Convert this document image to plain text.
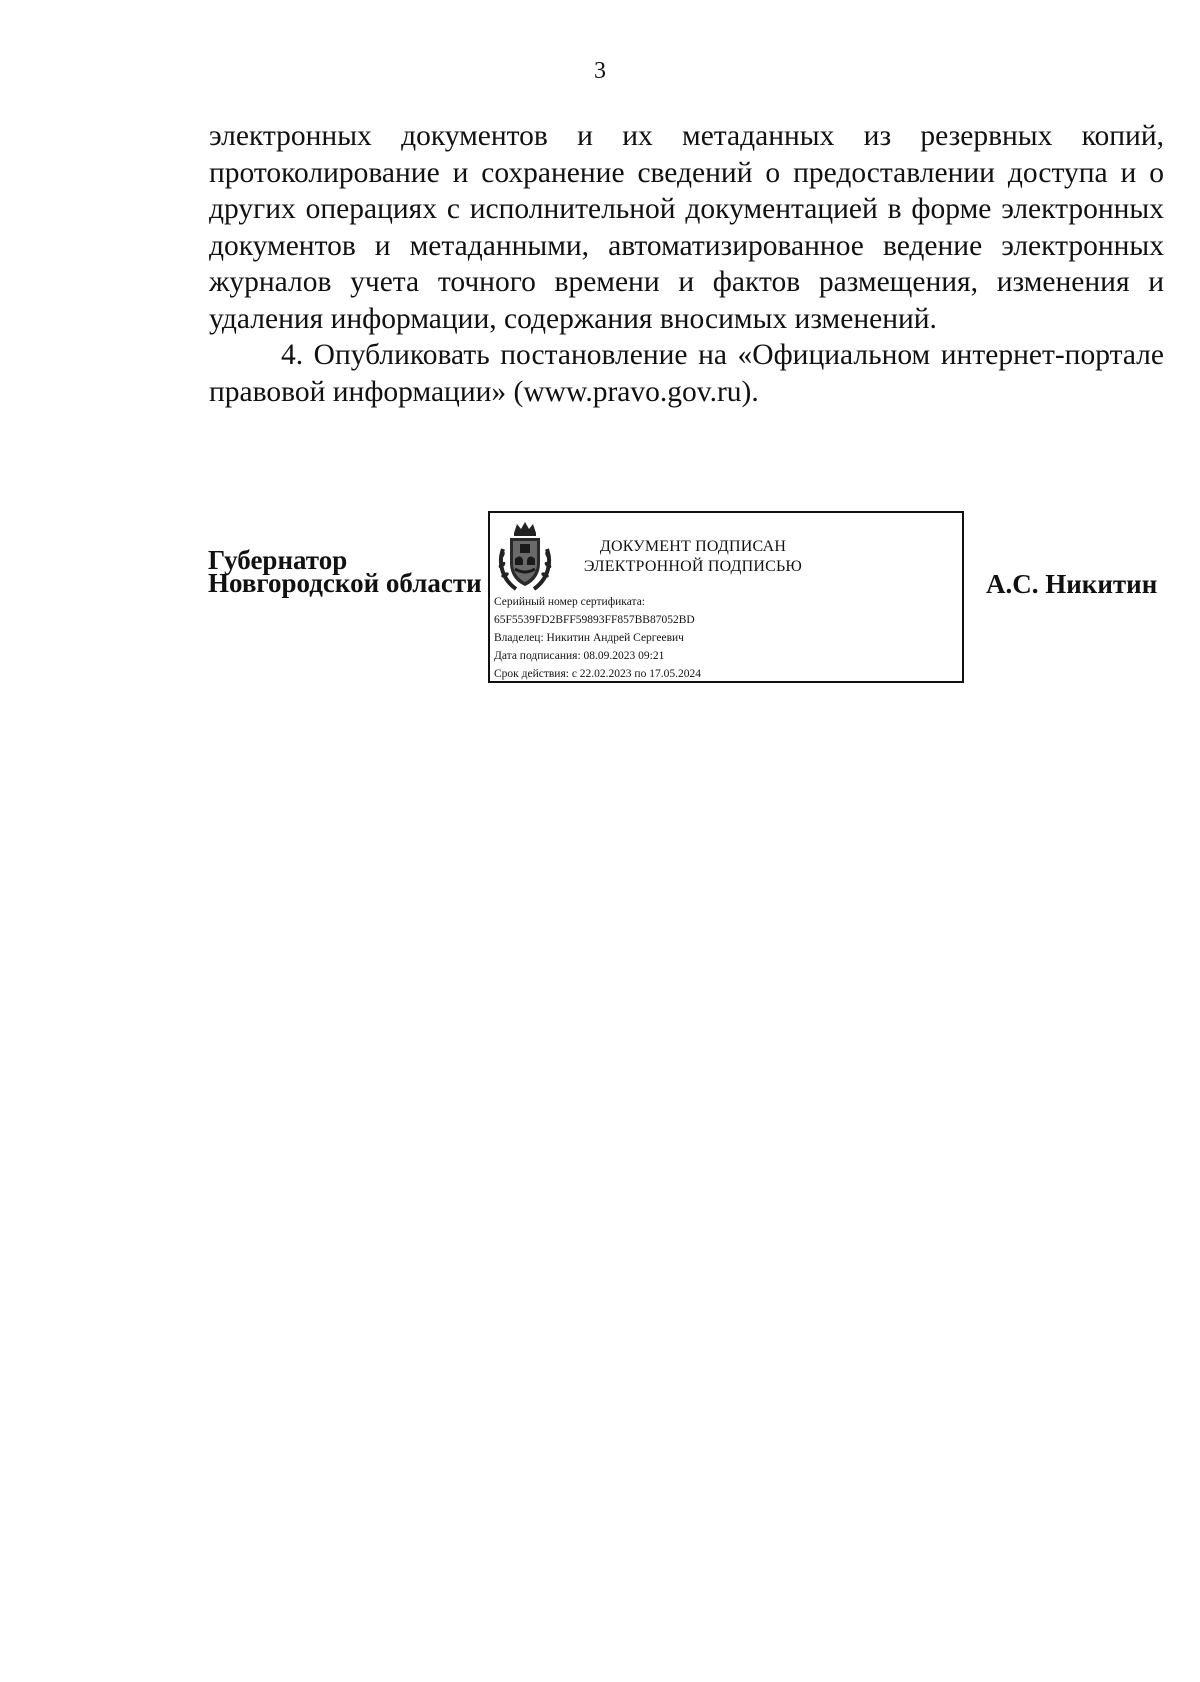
3

электронных документов и их метаданных из резервных копий, протоколирование и сохранение сведений о предоставлении доступа и о других операциях с исполнительной документацией в форме электронных документов и метаданными, автоматизированное ведение электронных журналов учета точного времени и фактов размещения, изменения и удаления информации, содержания вносимых изменений.

4. Опубликовать постановление на «Официальном интернет-портале правовой информации» (www.pravo.gov.ru).

Губернатор
Новгородской области
ДОКУМЕНТ ПОДПИСАН
ЭЛЕКТРОННОЙ ПОДПИСЬЮ
Серийный номер сертификата:
65F5539FD2BFF59893FF857BB87052BD
Владелец: Никитин Андрей Сергеевич
Дата подписания: 08.09.2023 09:21
Срок действия: с 22.02.2023 по 17.05.2024
А.С. Никитин
